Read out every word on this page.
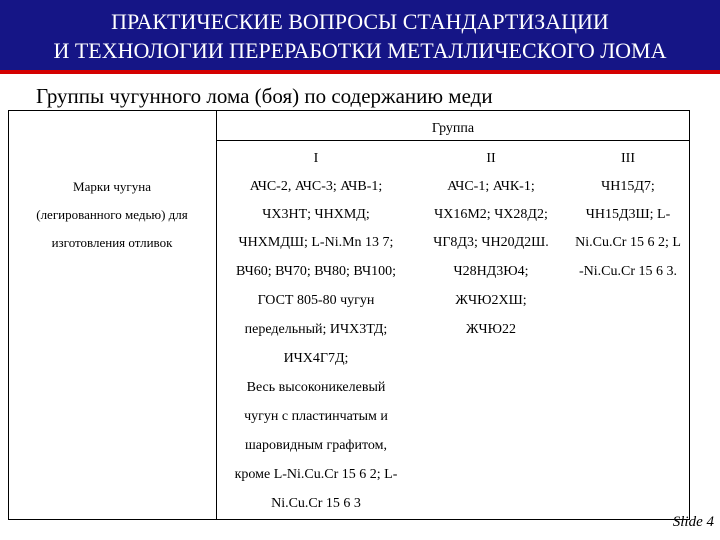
ПРАКТИЧЕСКИЕ ВОПРОСЫ СТАНДАРТИЗАЦИИ
И ТЕХНОЛОГИИ ПЕРЕРАБОТКИ МЕТАЛЛИЧЕСКОГО ЛОМА
Группы чугунного лома (боя) по содержанию меди
Группа
I	II	III
Марки чугуна
(легированного медью) для
изготовления отливок
АЧС-2, АЧС-3; АЧВ-1;
ЧХ3НТ; ЧНХМД;
ЧНХМДШ; L-Ni.Mn 13 7;
ВЧ60; ВЧ70; ВЧ80; ВЧ100;
ГОСТ 805-80 чугун
передельный; ИЧХ3ТД;
ИЧХ4Г7Д;
Весь высоконикелевый
чугун с пластинчатым и
шаровидным графитом,
кроме L-Ni.Cu.Cr 15 6 2; L-
Ni.Cu.Cr 15 6 3
АЧС-1; АЧК-1;
ЧХ16М2; ЧХ28Д2;
ЧГ8Д3; ЧН20Д2Ш.
Ч28НД3Ю4;
ЖЧЮ2ХШ;
ЖЧЮ22
ЧН15Д7;
ЧН15Д3Ш; L-
Ni.Cu.Cr 15 6 2; L
-Ni.Cu.Cr 15 6 3.
Slide 4
